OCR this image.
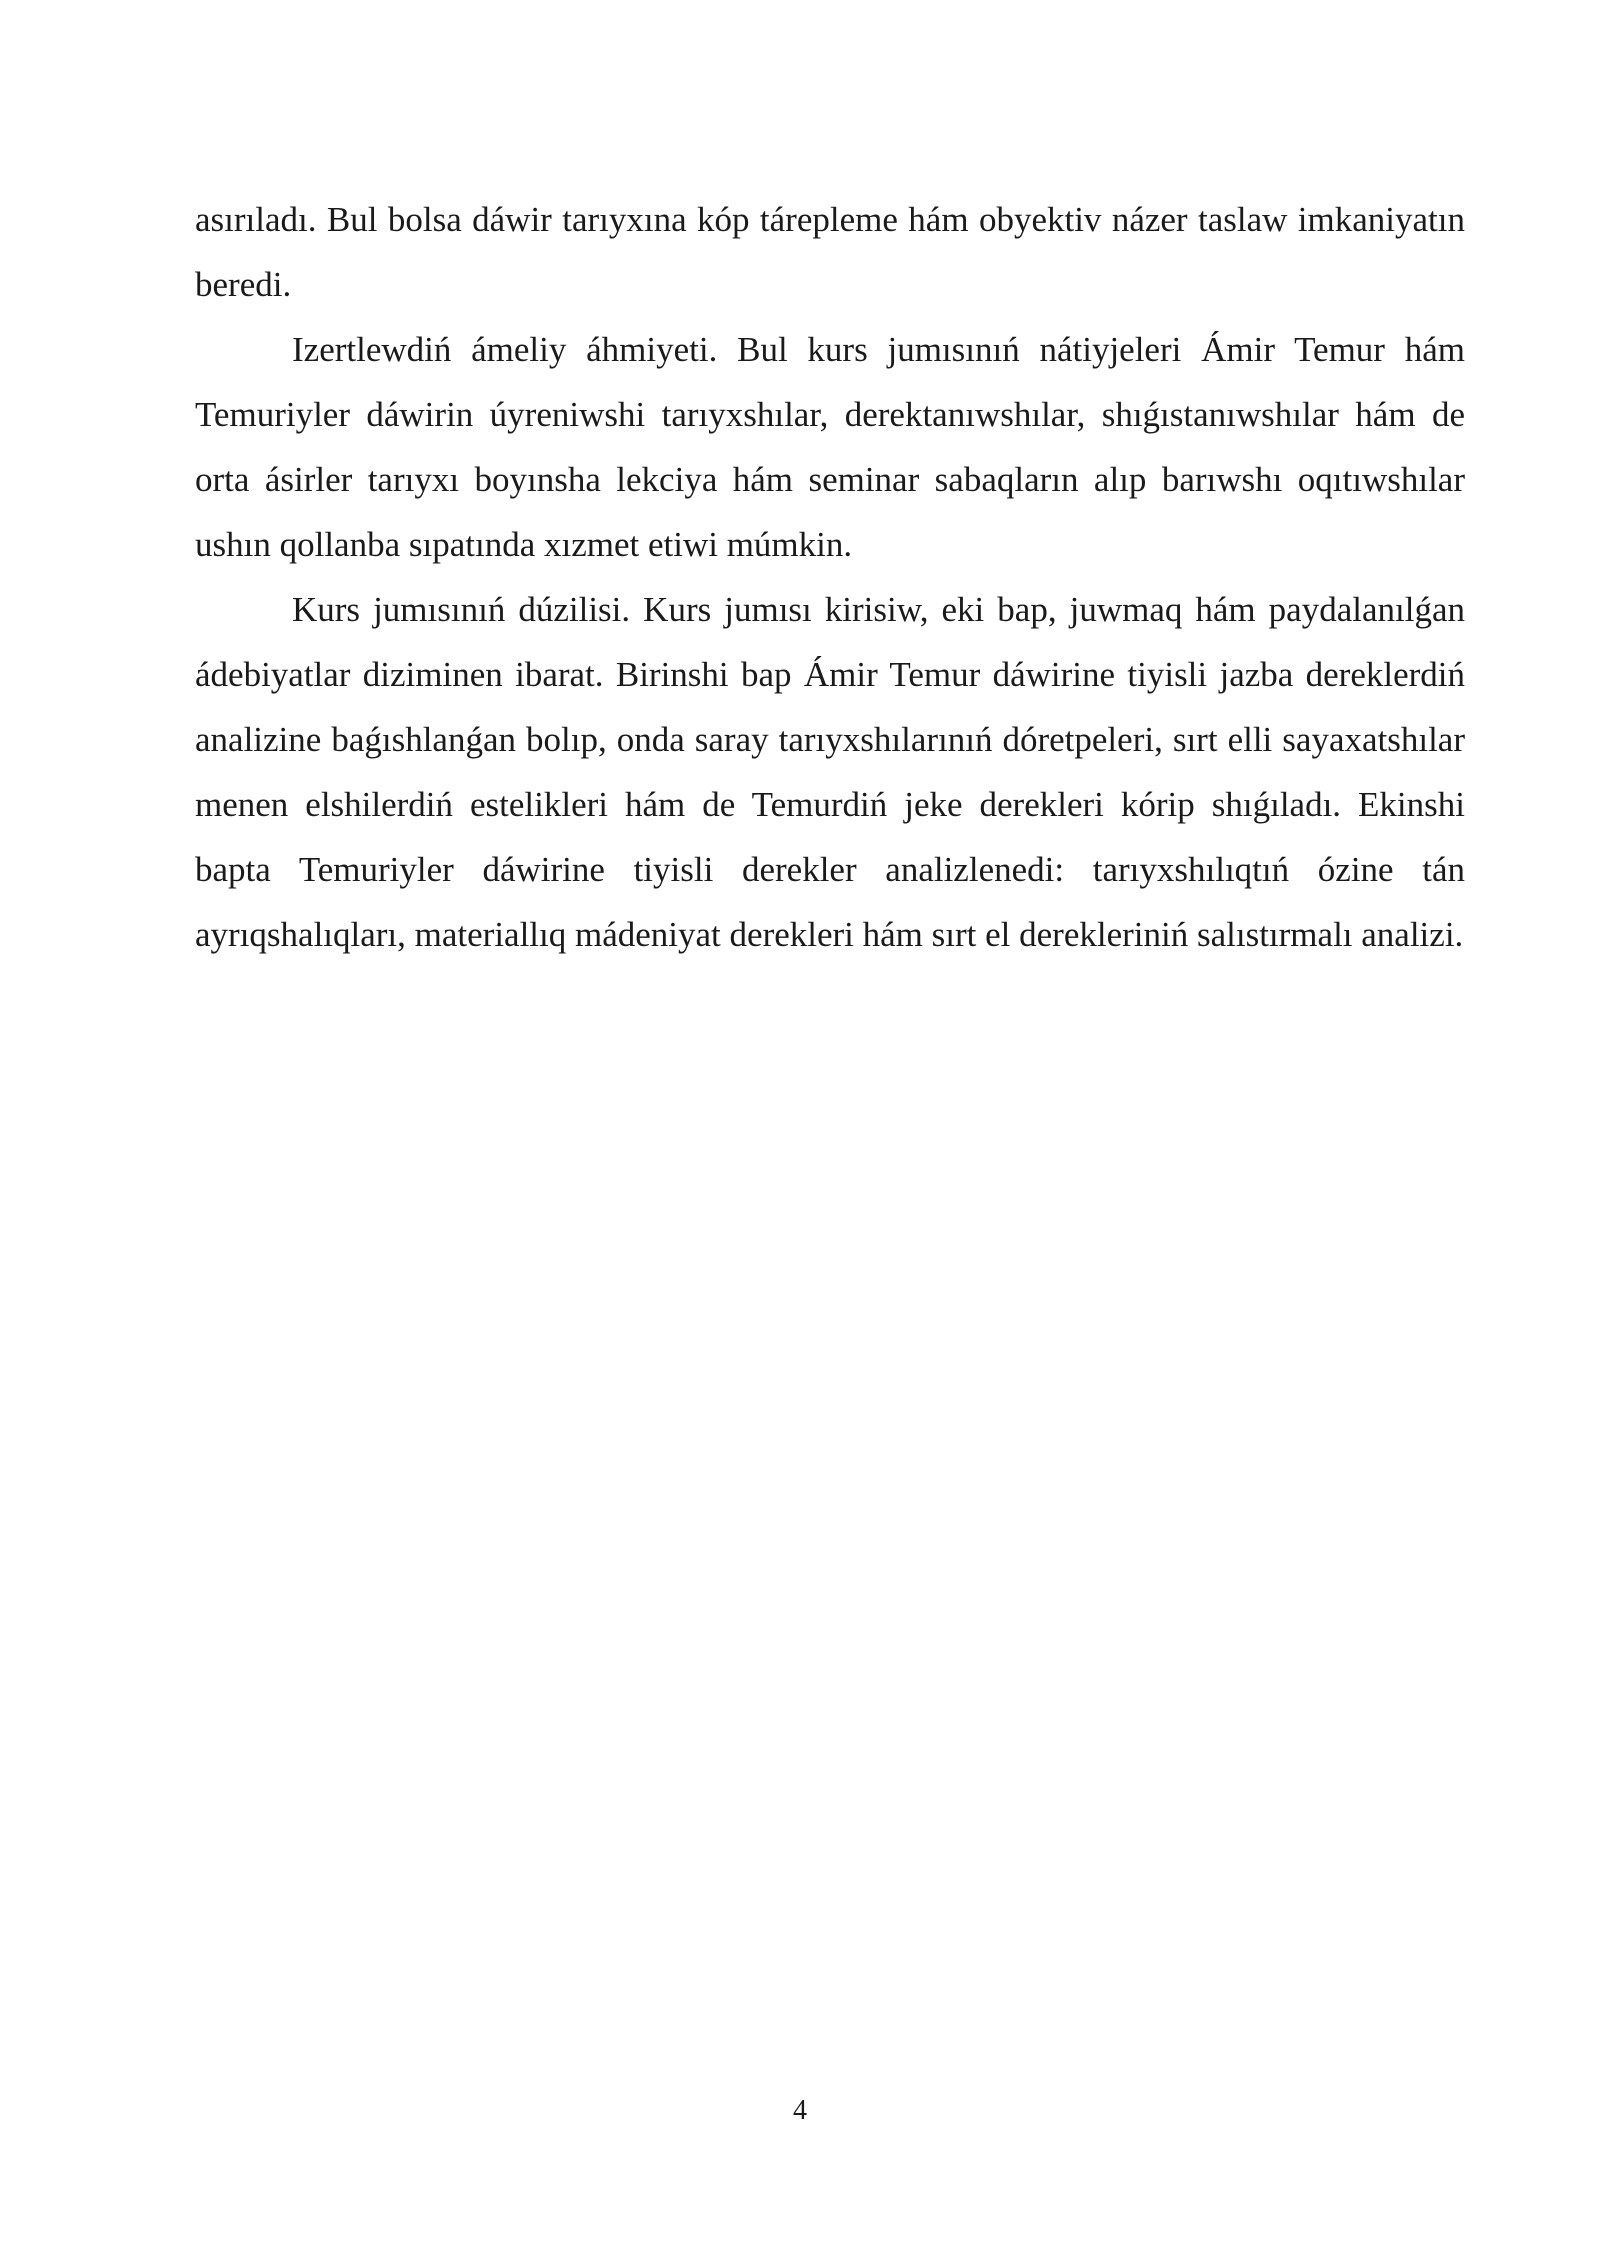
asırıladı. Bul bolsa dáwir tarıyxına kóp tárepleme hám obyektiv názer taslaw imkaniyatın beredi.

Izertlewdiń ámeliy áhmiyeti. Bul kurs jumısınıń nátiyjeleri Ámir Temur hám Temuriyler dáwirin úyreniwshi tarıyxshılar, derektanıwshılar, shıǵıstanıwshılar hám de orta ásirler tarıyxı boyınsha lekciya hám seminar sabaqların alıp barıwshı oqıtıwshılar ushın qollanba sıpatında xızmet etiwi múmkin.

Kurs jumısınıń dúzilisi. Kurs jumısı kirisiw, eki bap, juwmaq hám paydalanılǵan ádebiyatlar diziminen ibarat. Birinshi bap Ámir Temur dáwirine tiyisli jazba dereklerdiń analizine baǵıshlanǵan bolıp, onda saray tarıyxshılarınıń dóretpeleri, sırt elli sayaxatshılar menen elshilerdiń estelikleri hám de Temurdiń jeke derekleri kórip shıǵıladı. Ekinshi bapta Temuriyler dáwirine tiyisli derekler analizlenedi: tarıyxshılıqtıń ózine tán ayrıqshalıqları, materiallıq mádeniyat derekleri hám sırt el derekleriniń salıstırmalı analizi.

4
